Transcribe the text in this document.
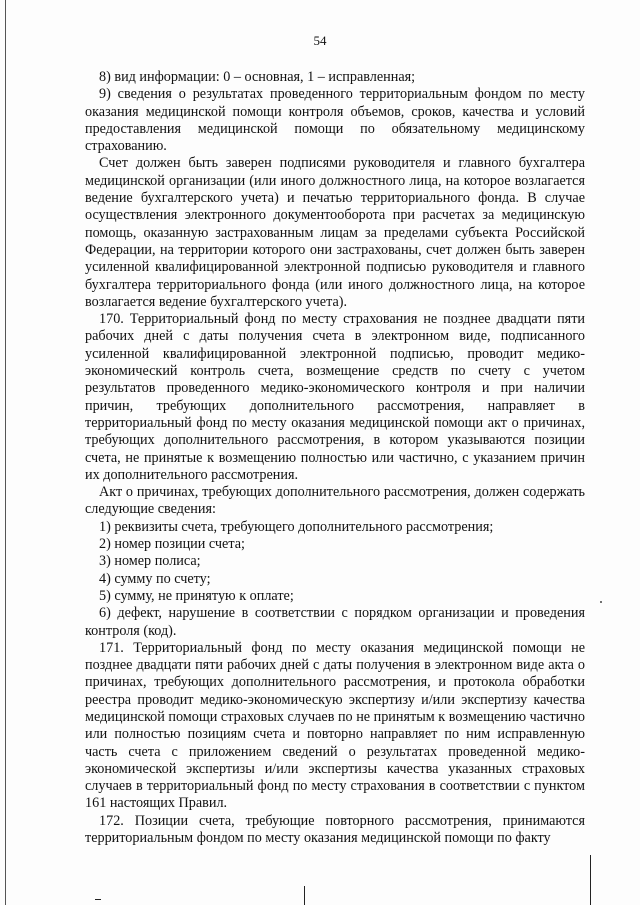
54

8) вид информации: 0 – основная, 1 – исправленная;

9) сведения о результатах проведенного территориальным фондом по месту оказания медицинской помощи контроля объемов, сроков, качества и условий предоставления медицинской помощи по обязательному медицинскому страхованию.

Счет должен быть заверен подписями руководителя и главного бухгалтера медицинской организации (или иного должностного лица, на которое возлагается ведение бухгалтерского учета) и печатью территориального фонда. В случае осуществления электронного документооборота при расчетах за медицинскую помощь, оказанную застрахованным лицам за пределами субъекта Российской Федерации, на территории которого они застрахованы, счет должен быть заверен усиленной квалифицированной электронной подписью руководителя и главного бухгалтера территориального фонда (или иного должностного лица, на которое возлагается ведение бухгалтерского учета).

170. Территориальный фонд по месту страхования не позднее двадцати пяти рабочих дней с даты получения счета в электронном виде, подписанного усиленной квалифицированной электронной подписью, проводит медико-экономический контроль счета, возмещение средств по счету с учетом результатов проведенного медико-экономического контроля и при наличии причин, требующих дополнительного рассмотрения, направляет в территориальный фонд по месту оказания медицинской помощи акт о причинах, требующих дополнительного рассмотрения, в котором указываются позиции счета, не принятые к возмещению полностью или частично, с указанием причин их дополнительного рассмотрения.

Акт о причинах, требующих дополнительного рассмотрения, должен содержать следующие сведения:

1) реквизиты счета, требующего дополнительного рассмотрения;

2) номер позиции счета;

3) номер полиса;

4) сумму по счету;

5) сумму, не принятую к оплате;

6) дефект, нарушение в соответствии с порядком организации и проведения контроля (код).

171. Территориальный фонд по месту оказания медицинской помощи не позднее двадцати пяти рабочих дней с даты получения в электронном виде акта о причинах, требующих дополнительного рассмотрения, и протокола обработки реестра проводит медико-экономическую экспертизу и/или экспертизу качества медицинской помощи страховых случаев по не принятым к возмещению частично или полностью позициям счета и повторно направляет по ним исправленную часть счета с приложением сведений о результатах проведенной медико-экономической экспертизы и/или экспертизы качества указанных страховых случаев в территориальный фонд по месту страхования в соответствии с пунктом 161 настоящих Правил.

172. Позиции счета, требующие повторного рассмотрения, принимаются территориальным фондом по месту оказания медицинской помощи по факту
